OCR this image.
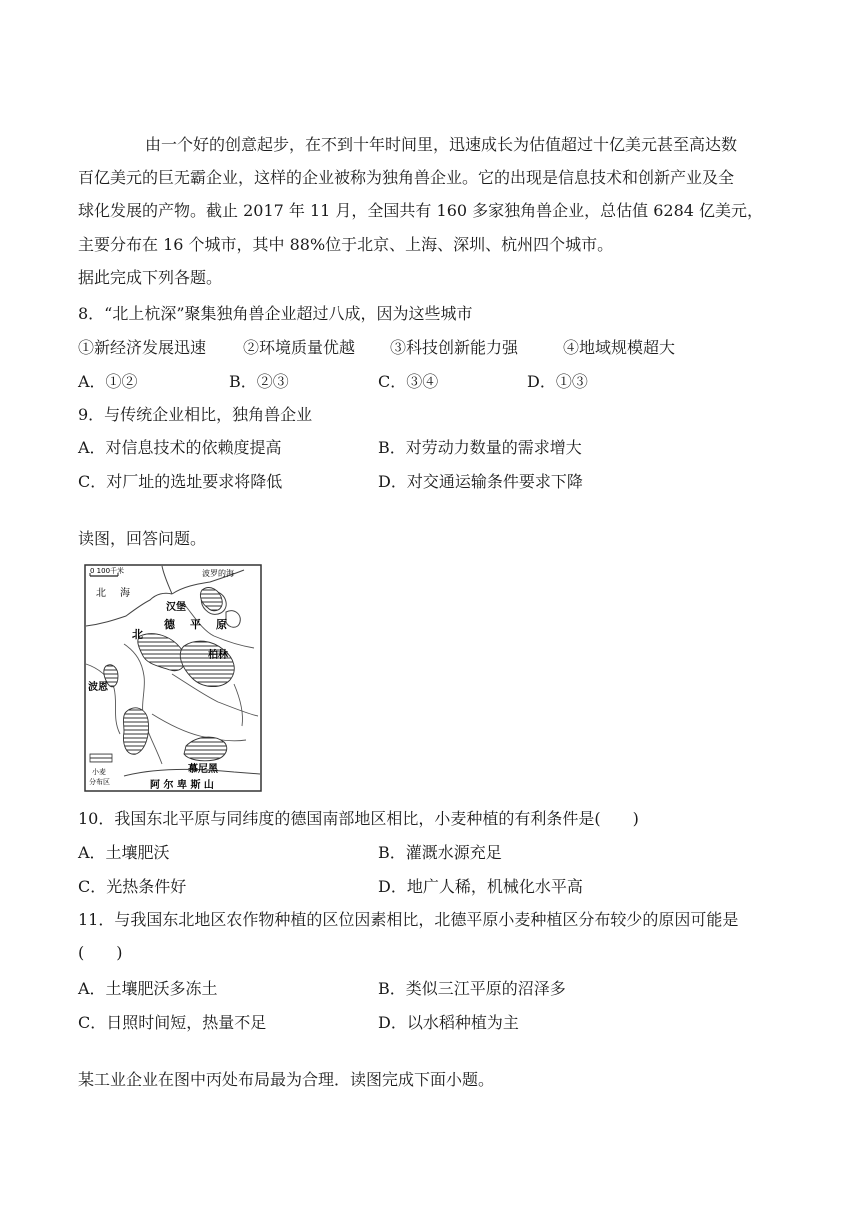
由一个好的创意起步，在不到十年时间里，迅速成长为估值超过十亿美元甚至高达数
百亿美元的巨无霸企业，这样的企业被称为独角兽企业。它的出现是信息技术和创新产业及全
球化发展的产物。截止 2017 年 11 月，全国共有 160 多家独角兽企业，总估值 6284 亿美元，
主要分布在 16 个城市，其中 88%位于北京、上海、深圳、杭州四个城市。
据此完成下列各题。
8．“北上杭深”聚集独角兽企业超过八成，因为这些城市
①新经济发展迅速 ②环境质量优越 ③科技创新能力强	④地域规模超大
A．①②	B．②③	C．③④	D．①③
9．与传统企业相比，独角兽企业
A．对信息技术的依赖度提高	B．对劳动力数量的需求增大
C．对厂址的选址要求将降低	D．对交通运输条件要求下降
读图，回答问题。
0 100千米	波罗的海
北 海
汉堡
北
德 平 原
柏林
波恩
慕尼黑
阿 尔 卑 斯 山
小麦
分布区
10．我国东北平原与同纬度的德国南部地区相比，小麦种植的有利条件是(　　)
A．土壤肥沃	B．灌溉水源充足
C．光热条件好	D．地广人稀，机械化水平高
11．与我国东北地区农作物种植的区位因素相比，北德平原小麦种植区分布较少的原因可能是
(　　)
A．土壤肥沃多冻土	B．类似三江平原的沼泽多
C．日照时间短，热量不足	D．以水稻种植为主
某工业企业在图中丙处布局最为合理．读图完成下面小题。
